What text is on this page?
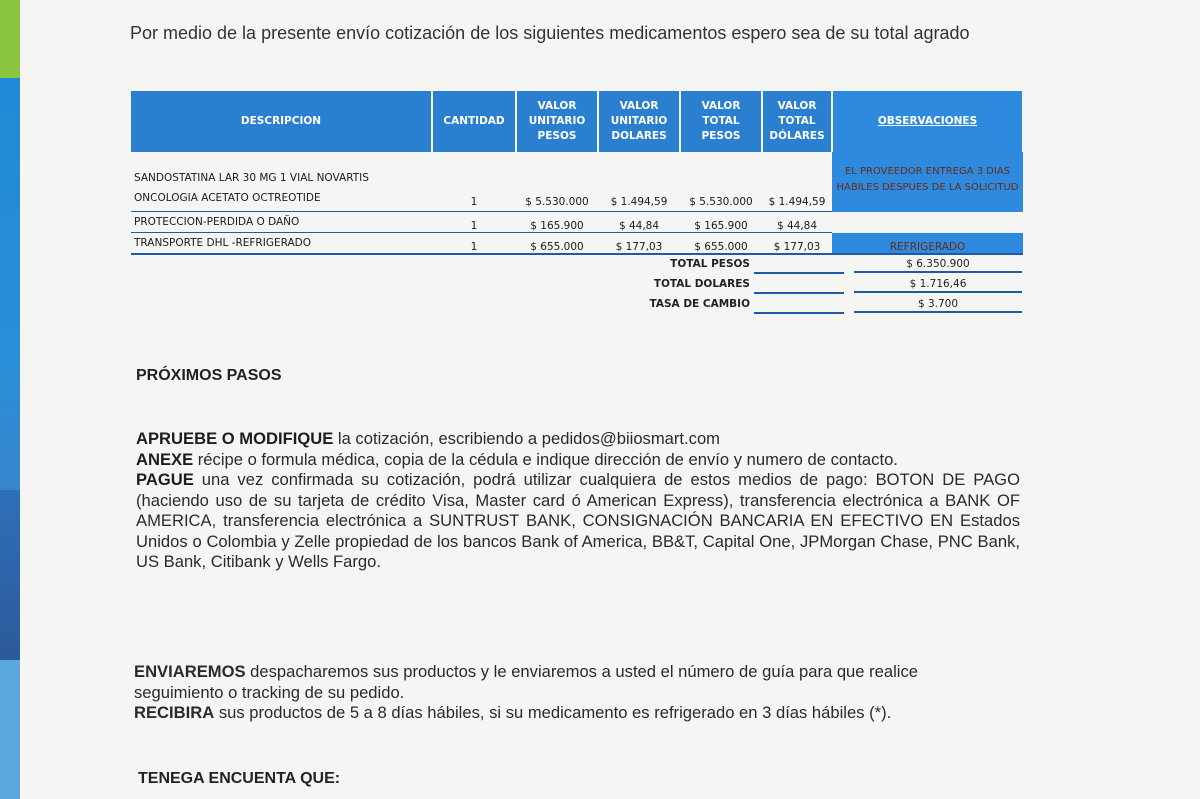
Por medio de la presente envío cotización de los siguientes medicamentos espero sea de su total agrado
DESCRIPCION	CANTIDAD	VALOR UNITARIO PESOS	VALOR UNITARIO DOLARES	VALOR TOTAL PESOS	VALOR TOTAL DÓLARES	OBSERVACIONES
SANDOSTATINA LAR 30 MG 1 VIAL NOVARTIS ONCOLOGIA ACETATO OCTREOTIDE	1	$ 5.530.000	$ 1.494,59	$ 5.530.000	$ 1.494,59	EL PROVEEDOR ENTREGA 3 DIAS HABILES DESPUES DE LA SOLICITUD
PROTECCION-PERDIDA O DAÑO	1	$ 165.900	$ 44,84	$ 165.900	$ 44,84	
TRANSPORTE DHL -REFRIGERADO	1	$ 655.000	$ 177,03	$ 655.000	$ 177,03	REFRIGERADO
TOTAL PESOS	$ 6.350.900
TOTAL DOLARES	$ 1.716,46
TASA DE CAMBIO	$ 3.700
PRÓXIMOS PASOS
APRUEBE O MODIFIQUE la cotización, escribiendo a pedidos@biiosmart.com
ANEXE récipe o formula médica, copia de la cédula e indique dirección de envío y numero de contacto.
PAGUE una vez confirmada su cotización, podrá utilizar cualquiera de estos medios de pago: BOTON DE PAGO (haciendo uso de su tarjeta de crédito Visa, Master card ó American Express), transferencia electrónica a BANK OF AMERICA, transferencia electrónica a SUNTRUST BANK, CONSIGNACIÓN BANCARIA EN EFECTIVO EN Estados Unidos o Colombia y Zelle propiedad de los bancos Bank of America, BB&T, Capital One, JPMorgan Chase, PNC Bank, US Bank, Citibank y Wells Fargo.
ENVIAREMOS despacharemos sus productos y le enviaremos a usted el número de guía para que realice seguimiento o tracking de su pedido.
RECIBIRA sus productos de 5 a 8 días hábiles, si su medicamento es refrigerado en 3 días hábiles (*).
TENEGA ENCUENTA QUE:
